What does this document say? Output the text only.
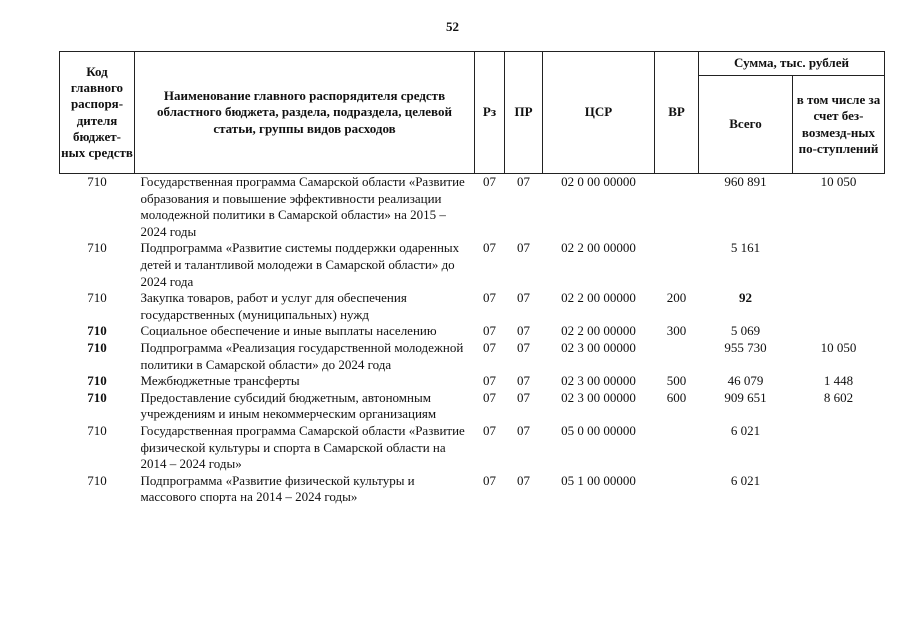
52
Код главного распоря-дителя бюджет-ных средств	Наименование главного распорядителя средств областного бюджета, раздела, подраздела, целевой статьи, группы видов расходов	Рз	ПР	ЦСР	ВР	Сумма, тыс. рублей	
						Всего	в том числе за счет без-возмезд-ных по-ступлений
710	Государственная программа Самарской области «Развитие образования и повышение эффективности реализации молодежной политики в Самарской области» на 2015 – 2024 годы	07	07	02 0 00 00000		960 891	10 050
710	Подпрограмма «Развитие системы поддержки одаренных детей и талантливой молодежи в Самарской области» до 2024 года	07	07	02 2 00 00000		5 161	
710	Закупка товаров, работ и услуг для обеспечения государственных (муниципальных) нужд	07	07	02 2 00 00000	200	92	
710	Социальное обеспечение и иные выплаты населению	07	07	02 2 00 00000	300	5 069	
710	Подпрограмма «Реализация государственной молодежной политики в Самарской области» до 2024 года	07	07	02 3 00 00000		955 730	10 050
710	Межбюджетные трансферты	07	07	02 3 00 00000	500	46 079	1 448
710	Предоставление субсидий бюджетным, автономным учреждениям и иным некоммерческим организациям	07	07	02 3 00 00000	600	909 651	8 602
710	Государственная программа Самарской области «Развитие физической культуры и спорта в Самарской области на 2014 – 2024 годы»	07	07	05 0 00 00000		6 021	
710	Подпрограмма «Развитие физической культуры и массового спорта на 2014 – 2024 годы»	07	07	05 1 00 00000		6 021	
